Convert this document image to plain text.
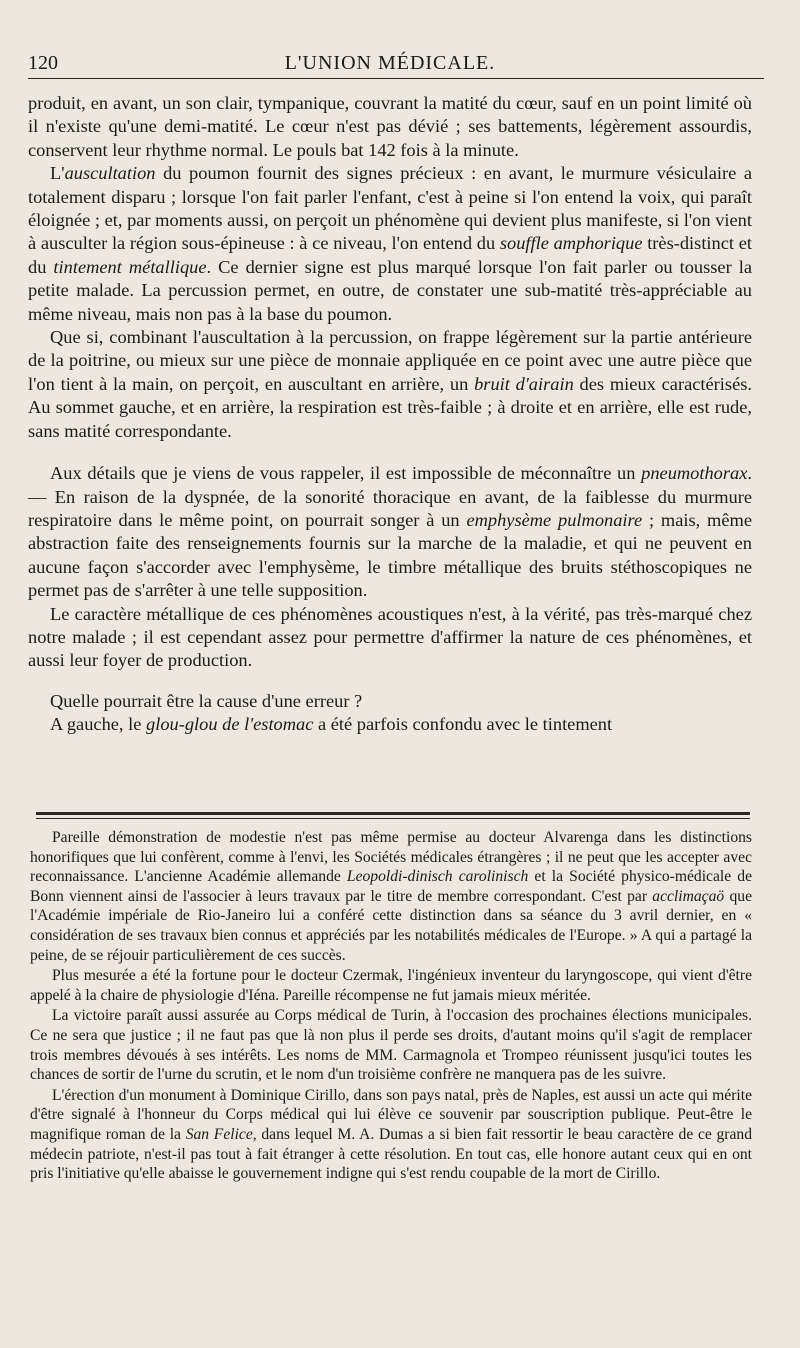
120	L'UNION MÉDICALE.

produit, en avant, un son clair, tympanique, couvrant la matité du cœur, sauf en un point limité où il n'existe qu'une demi-matité. Le cœur n'est pas dévié ; ses battements, légèrement assourdis, conservent leur rhythme normal. Le pouls bat 142 fois à la minute.

L'auscultation du poumon fournit des signes précieux : en avant, le murmure vésiculaire a totalement disparu ; lorsque l'on fait parler l'enfant, c'est à peine si l'on entend la voix, qui paraît éloignée ; et, par moments aussi, on perçoit un phénomène qui devient plus manifeste, si l'on vient à ausculter la région sous-épineuse : à ce niveau, l'on entend du souffle amphorique très-distinct et du tintement métallique. Ce dernier signe est plus marqué lorsque l'on fait parler ou tousser la petite malade. La percussion permet, en outre, de constater une sub-matité très-appréciable au même niveau, mais non pas à la base du poumon.

Que si, combinant l'auscultation à la percussion, on frappe légèrement sur la partie antérieure de la poitrine, ou mieux sur une pièce de monnaie appliquée en ce point avec une autre pièce que l'on tient à la main, on perçoit, en auscultant en arrière, un bruit d'airain des mieux caractérisés. Au sommet gauche, et en arrière, la respiration est très-faible ; à droite et en arrière, elle est rude, sans matité correspondante.

Aux détails que je viens de vous rappeler, il est impossible de méconnaître un pneumothorax. — En raison de la dyspnée, de la sonorité thoracique en avant, de la faiblesse du murmure respiratoire dans le même point, on pourrait songer à un emphysème pulmonaire ; mais, même abstraction faite des renseignements fournis sur la marche de la maladie, et qui ne peuvent en aucune façon s'accorder avec l'emphysème, le timbre métallique des bruits stéthoscopiques ne permet pas de s'arrêter à une telle supposition.

Le caractère métallique de ces phénomènes acoustiques n'est, à la vérité, pas très-marqué chez notre malade ; il est cependant assez pour permettre d'affirmer la nature de ces phénomènes, et aussi leur foyer de production.

Quelle pourrait être la cause d'une erreur ?

A gauche, le glou-glou de l'estomac a été parfois confondu avec le tintement

Pareille démonstration de modestie n'est pas même permise au docteur Alvarenga dans les distinctions honorifiques que lui confèrent, comme à l'envi, les Sociétés médicales étrangères ; il ne peut que les accepter avec reconnaissance. L'ancienne Académie allemande Leopoldi-dinisch carolinisch et la Société physico-médicale de Bonn viennent ainsi de l'associer à leurs travaux par le titre de membre correspondant. C'est par acclimaçaö que l'Académie impériale de Rio-Janeiro lui a conféré cette distinction dans sa séance du 3 avril dernier, en « considération de ses travaux bien connus et appréciés par les notabilités médicales de l'Europe. » A qui a partagé la peine, de se réjouir particulièrement de ces succès.

Plus mesurée a été la fortune pour le docteur Czermak, l'ingénieux inventeur du laryngoscope, qui vient d'être appelé à la chaire de physiologie d'Iéna. Pareille récompense ne fut jamais mieux méritée.

La victoire paraît aussi assurée au Corps médical de Turin, à l'occasion des prochaines élections municipales. Ce ne sera que justice ; il ne faut pas que là non plus il perde ses droits, d'autant moins qu'il s'agit de remplacer trois membres dévoués à ses intérêts. Les noms de MM. Carmagnola et Trompeo réunissent jusqu'ici toutes les chances de sortir de l'urne du scrutin, et le nom d'un troisième confrère ne manquera pas de les suivre.

L'érection d'un monument à Dominique Cirillo, dans son pays natal, près de Naples, est aussi un acte qui mérite d'être signalé à l'honneur du Corps médical qui lui élève ce souvenir par souscription publique. Peut-être le magnifique roman de la San Felice, dans lequel M. A. Dumas a si bien fait ressortir le beau caractère de ce grand médecin patriote, n'est-il pas tout à fait étranger à cette résolution. En tout cas, elle honore autant ceux qui en ont pris l'initiative qu'elle abaisse le gouvernement indigne qui s'est rendu coupable de la mort de Cirillo.
